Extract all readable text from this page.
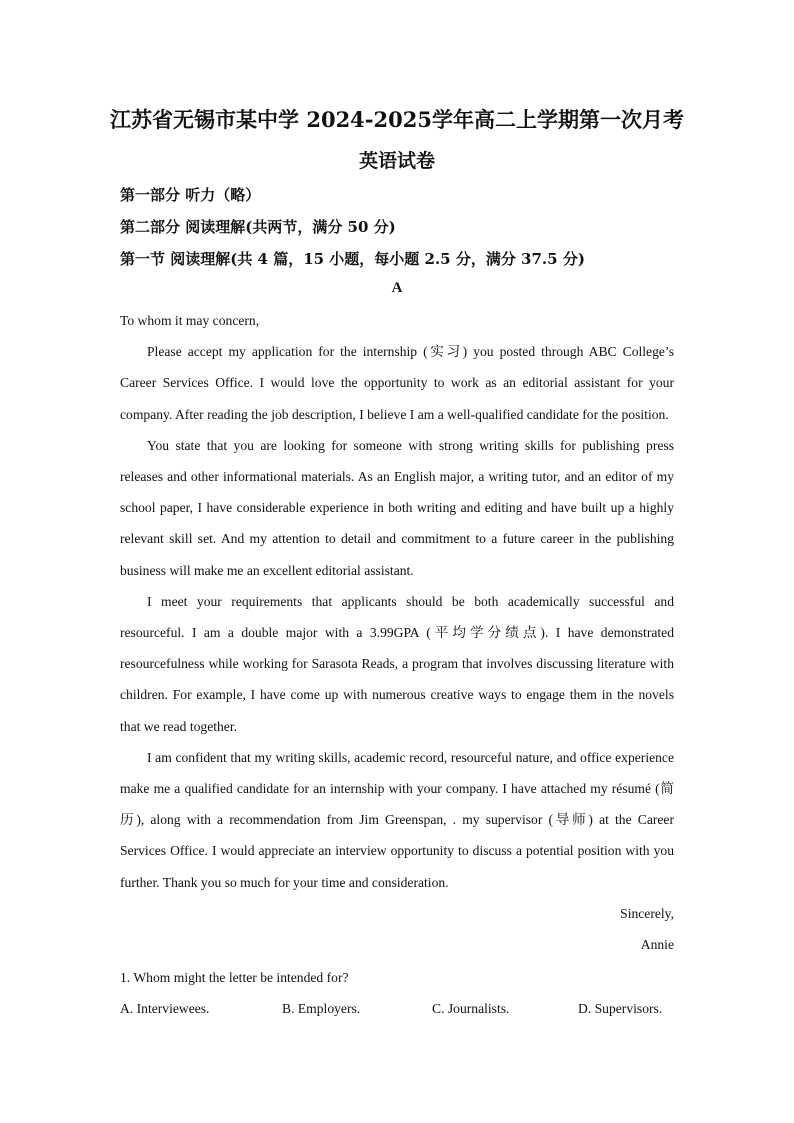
江苏省无锡市某中学 2024-2025学年高二上学期第一次月考
英语试卷
第一部分 听力（略）
第二部分 阅读理解(共两节，满分 50 分)
第一节 阅读理解(共 4 篇，15 小题，每小题 2.5 分，满分 37.5 分)
A

To whom it may concern,

Please accept my application for the internship (实习) you posted through ABC College’s Career Services Office. I would love the opportunity to work as an editorial assistant for your company. After reading the job description, I believe I am a well-qualified candidate for the position.

You state that you are looking for someone with strong writing skills for publishing press releases and other informational materials. As an English major, a writing tutor, and an editor of my school paper, I have considerable experience in both writing and editing and have built up a highly relevant skill set. And my attention to detail and commitment to a future career in the publishing business will make me an excellent editorial assistant.

I meet your requirements that applicants should be both academically successful and resourceful. I am a double major with a 3.99GPA (平均学分绩点). I have demonstrated resourcefulness while working for Sarasota Reads, a program that involves discussing literature with children. For example, I have come up with numerous creative ways to engage them in the novels that we read together.

I am confident that my writing skills, academic record, resourceful nature, and office experience make me a qualified candidate for an internship with your company. I have attached my résumé (简历), along with a recommendation from Jim Greenspan, . my supervisor (导师) at the Career Services Office. I would appreciate an interview opportunity to discuss a potential position with you further. Thank you so much for your time and consideration.

Sincerely,

Annie

1. Whom might the letter be intended for?
A. Interviewees.	B. Employers.	C. Journalists.	D. Supervisors.
